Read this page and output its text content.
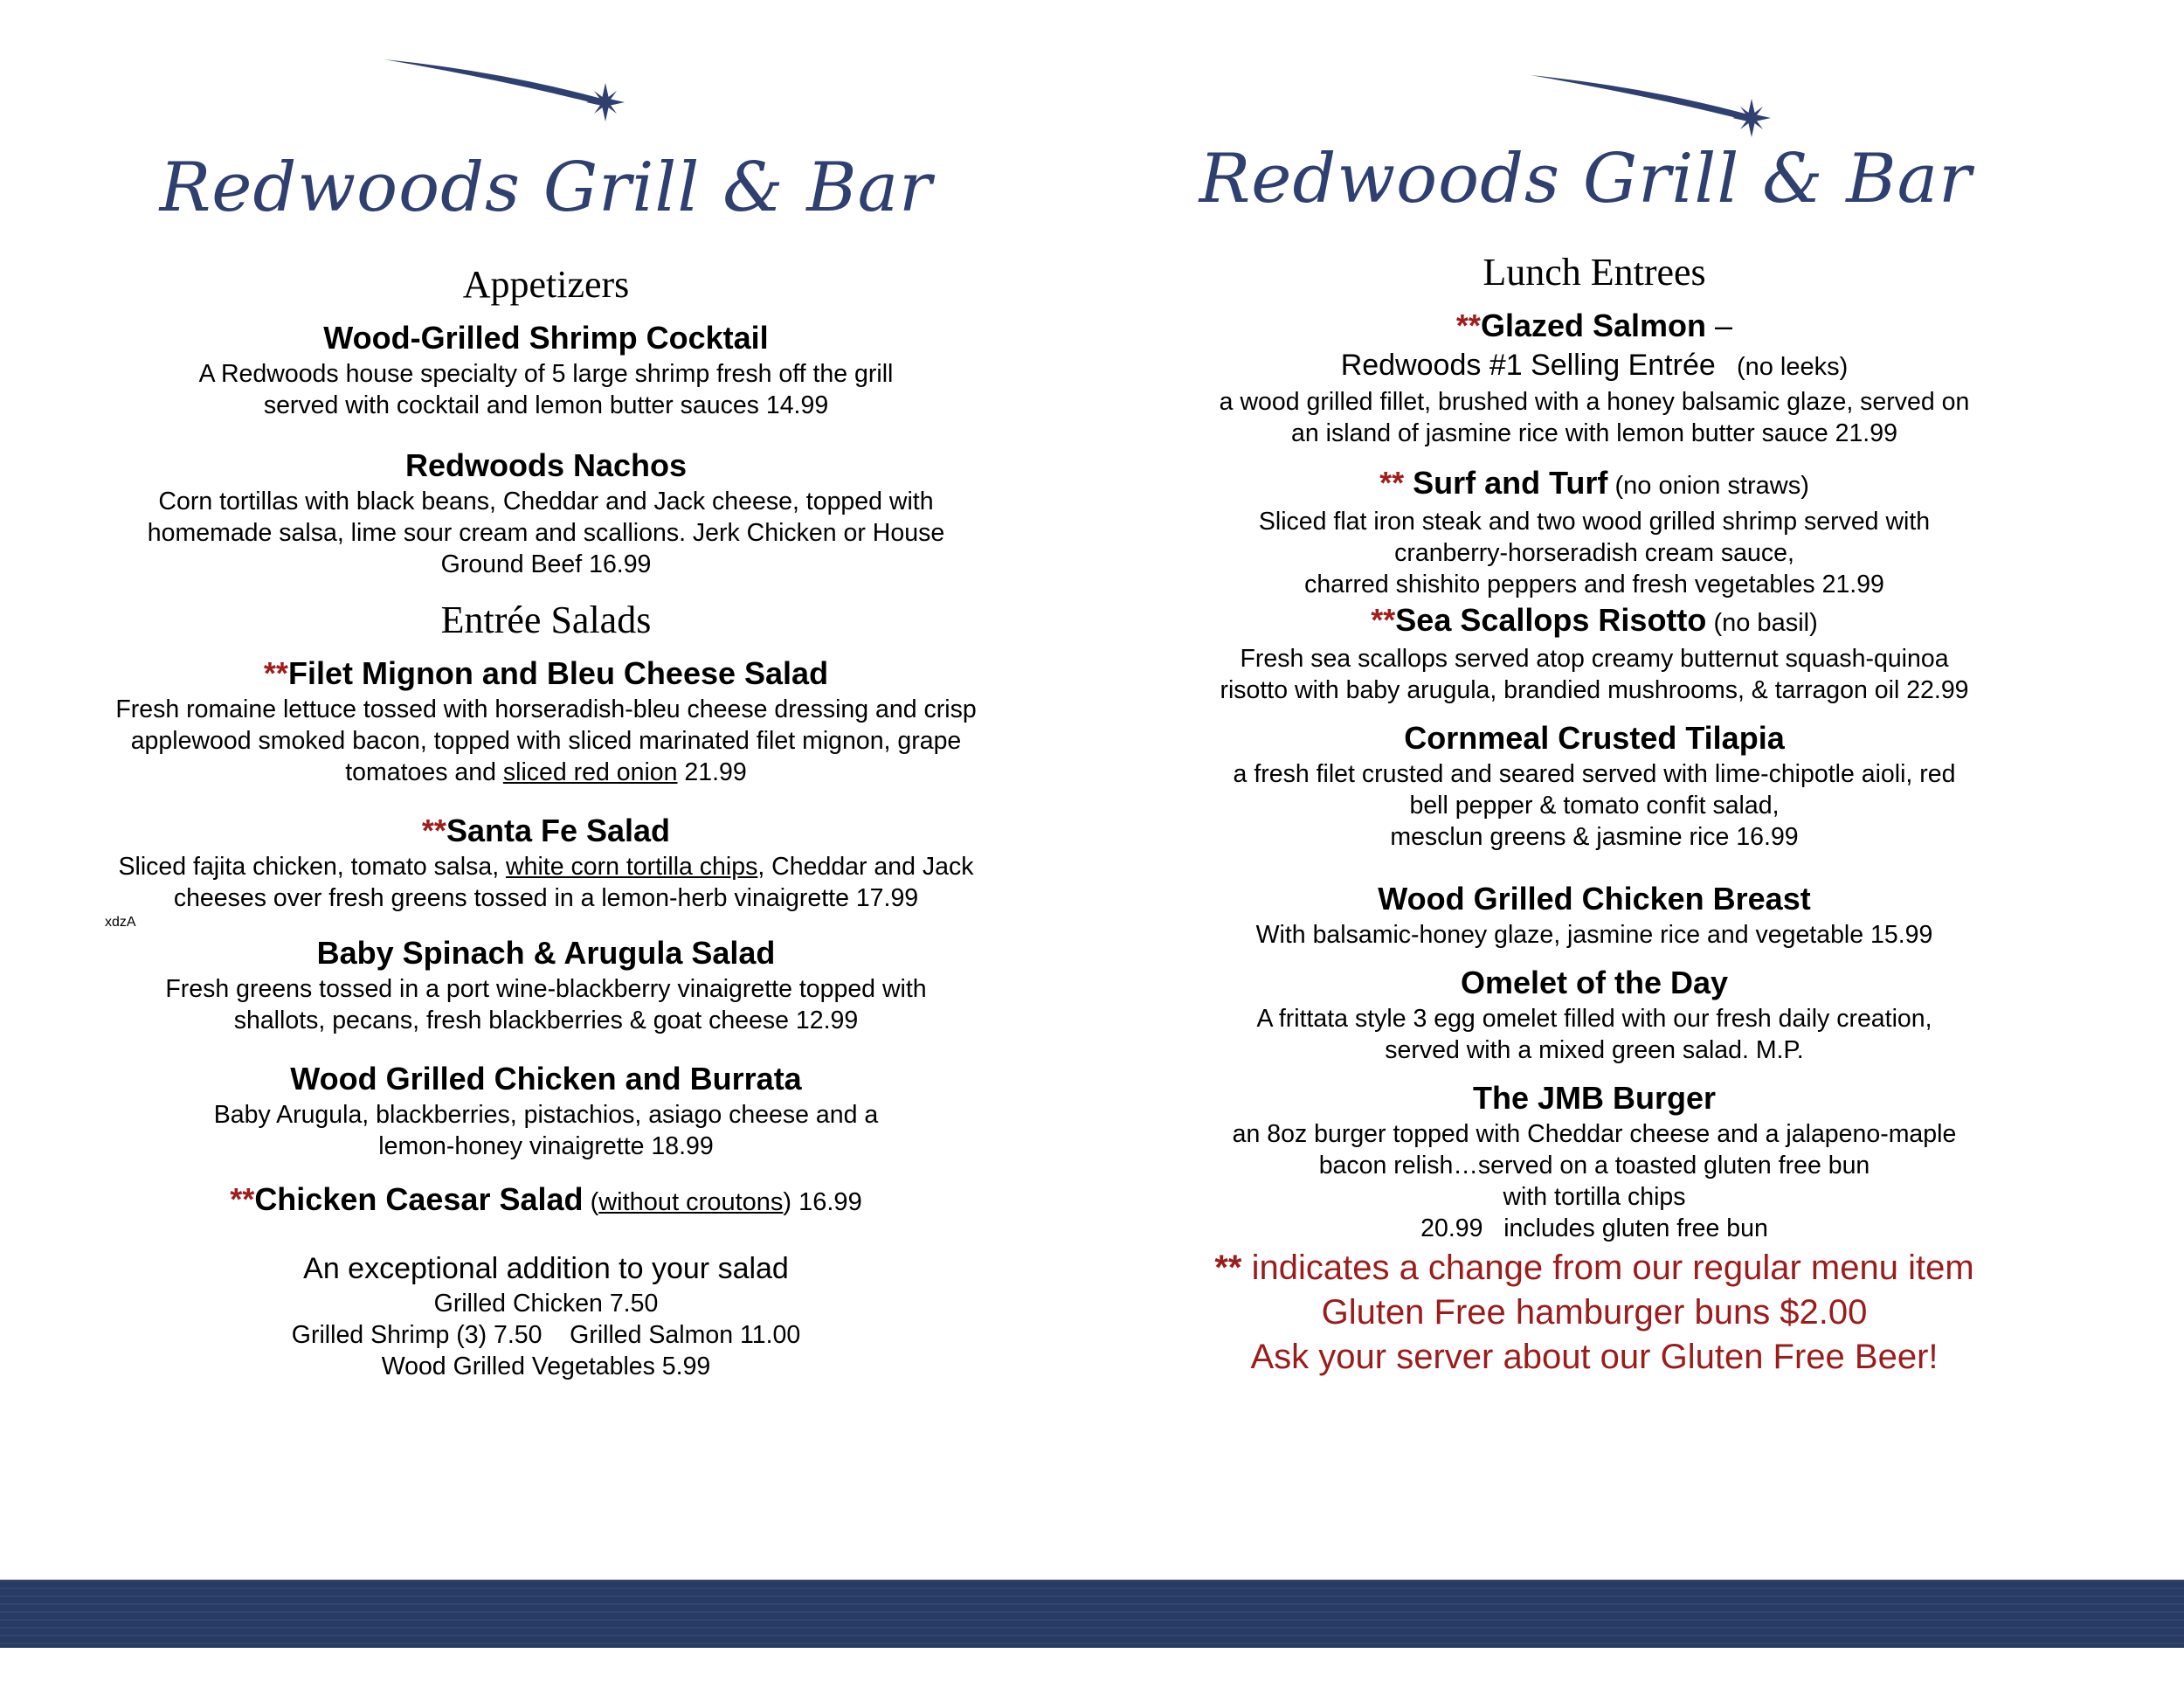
Redwoods Grill & Bar
Appetizers
Wood-Grilled Shrimp Cocktail
A Redwoods house specialty of 5 large shrimp fresh off the grill
served with cocktail and lemon butter sauces 14.99
Redwoods Nachos
Corn tortillas with black beans, Cheddar and Jack cheese, topped with
homemade salsa, lime sour cream and scallions. Jerk Chicken or House
Ground Beef 16.99
Entrée Salads
**Filet Mignon and Bleu Cheese Salad
Fresh romaine lettuce tossed with horseradish-bleu cheese dressing and crisp
applewood smoked bacon, topped with sliced marinated filet mignon, grape
tomatoes and sliced red onion 21.99
**Santa Fe Salad
Sliced fajita chicken, tomato salsa, white corn tortilla chips, Cheddar and Jack
cheeses over fresh greens tossed in a lemon-herb vinaigrette 17.99
Baby Spinach & Arugula Salad
Fresh greens tossed in a port wine-blackberry vinaigrette topped with
shallots, pecans, fresh blackberries & goat cheese 12.99
Wood Grilled Chicken and Burrata
Baby Arugula, blackberries, pistachios, asiago cheese and a
lemon-honey vinaigrette 18.99
**Chicken Caesar Salad (without croutons) 16.99
xdzA
An exceptional addition to your salad
Grilled Chicken 7.50
Grilled Shrimp (3) 7.50    Grilled Salmon 11.00
Wood Grilled Vegetables 5.99
Redwoods Grill & Bar
Lunch Entrees
**Glazed Salmon –
Redwoods #1 Selling Entrée   (no leeks)
a wood grilled fillet, brushed with a honey balsamic glaze, served on
an island of jasmine rice with lemon butter sauce 21.99
** Surf and Turf (no onion straws)
Sliced flat iron steak and two wood grilled shrimp served with
cranberry-horseradish cream sauce,
charred shishito peppers and fresh vegetables 21.99
**Sea Scallops Risotto (no basil)
Fresh sea scallops served atop creamy butternut squash-quinoa
risotto with baby arugula, brandied mushrooms, & tarragon oil 22.99
Cornmeal Crusted Tilapia
a fresh filet crusted and seared served with lime-chipotle aioli, red
bell pepper & tomato confit salad,
mesclun greens & jasmine rice 16.99
Wood Grilled Chicken Breast
With balsamic-honey glaze, jasmine rice and vegetable 15.99
Omelet of the Day
A frittata style 3 egg omelet filled with our fresh daily creation,
served with a mixed green salad. M.P.
The JMB Burger
an 8oz burger topped with Cheddar cheese and a jalapeno-maple
bacon relish…served on a toasted gluten free bun
with tortilla chips
20.99   includes gluten free bun
** indicates a change from our regular menu item
Gluten Free hamburger buns $2.00
Ask your server about our Gluten Free Beer!
